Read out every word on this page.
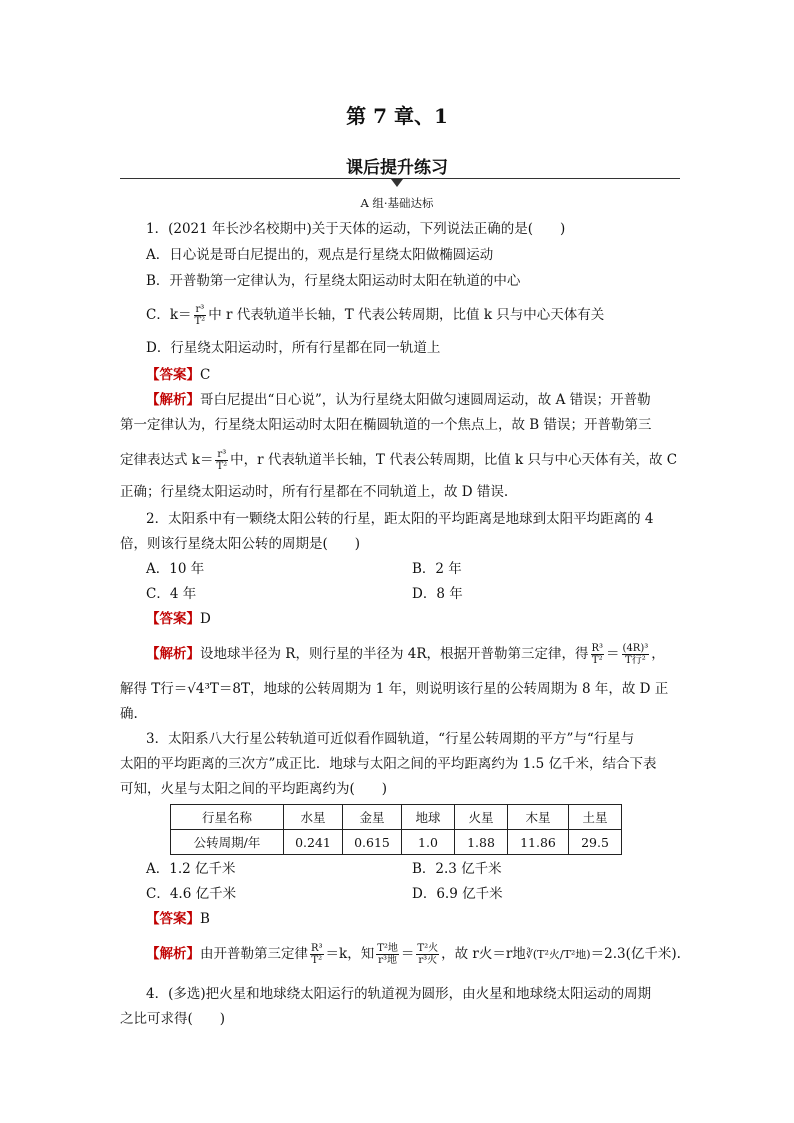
第 7 章、1
课后提升练习
A 组·基础达标
1．(2021 年长沙名校期中)关于天体的运动，下列说法正确的是(　　)
A．日心说是哥白尼提出的，观点是行星绕太阳做椭圆运动
B．开普勒第一定律认为，行星绕太阳运动时太阳在轨道的中心
C．$k= \frac{\text{r³}}{\text{T²}}$ 中 r 代表轨道半长轴，T 代表公转周期，比值 k 只与中心天体有关
D．行星绕太阳运动时，所有行星都在同一轨道上
【答案】C
【解析】哥白尼提出“日心说”，认为行星绕太阳做匀速圆周运动，故 A 错误；开普勒
第一定律认为，行星绕太阳运动时太阳在椭圆轨道的一个焦点上，故 B 错误；开普勒第三
定律表达式 $k= \frac{\text{r³}}{\text{T²}}$ 中，r 代表轨道半长轴，T 代表公转周期，比值 k 只与中心天体有关，故 C
正确；行星绕太阳运动时，所有行星都在不同轨道上，故 D 错误.
2．太阳系中有一颗绕太阳公转的行星，距太阳的平均距离是地球到太阳平均距离的 4
倍，则该行星绕太阳公转的周期是(　　)
A．10 年	B．2 年
C．4 年	D．8 年
【答案】D
【解析】设地球半径为 R，则行星的半径为 4R，根据开普勒第三定律，得 $\frac{\text{R³}}{\text{T²}} = \frac{\text{(4R)³}}{\text{T行²}}$ ，
解得 T行＝√4³T＝8T，地球的公转周期为 1 年，则说明该行星的公转周期为 8 年，故 D 正
确.
3．太阳系八大行星公转轨道可近似看作圆轨道，“行星公转周期的平方”与“行星与
太阳的平均距离的三次方”成正比．地球与太阳之间的平均距离约为 1.5 亿千米，结合下表
可知，火星与太阳之间的平均距离约为(　　)
行星名称	水星	金星	地球	火星	木星	土星
公转周期/年	0.241	0.615	1.0	1.88	11.86	29.5
A．1.2 亿千米	B．2.3 亿千米
C．4.6 亿千米	D．6.9 亿千米
【答案】B
【解析】由开普勒第三定律 $\frac{\text{R³}}{\text{T²}} =k$，知 $\frac{\text{T²地}}{\text{r³地}} = \frac{\text{T²火}}{\text{r³火}}$ ，故 r火＝r地∛(T²火/T²地)＝2.3(亿千米).
4．(多选)把火星和地球绕太阳运行的轨道视为圆形，由火星和地球绕太阳运动的周期
之比可求得(　　)
